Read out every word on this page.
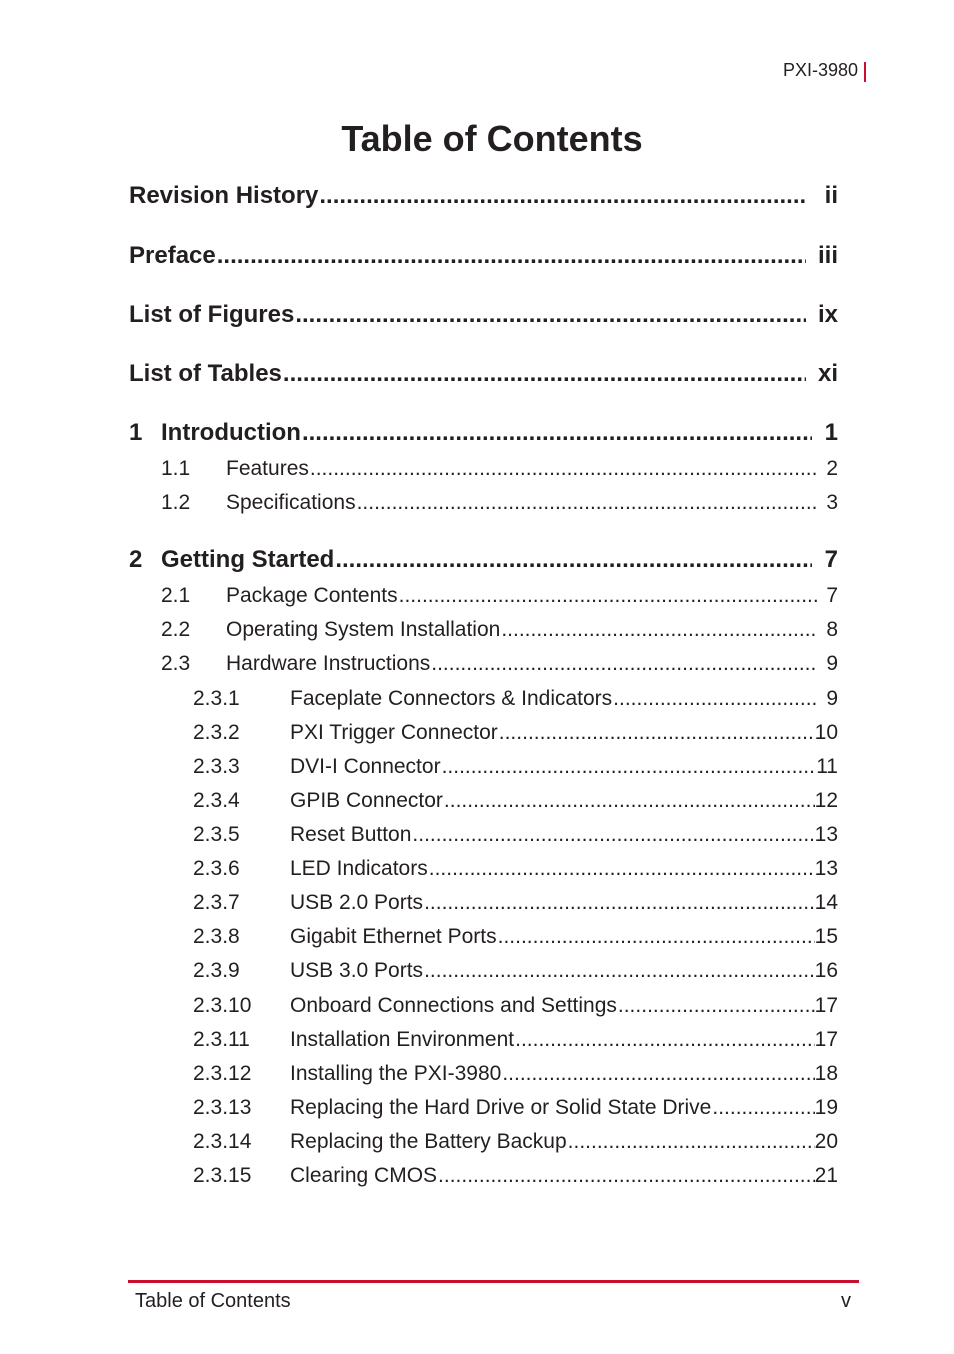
PXI-3980
Table of Contents
Revision History .....	ii
Preface .....	iii
List of Figures .....	ix
List of Tables .....	xi
1 Introduction .....	1
1.1	Features .....	2
1.2	Specifications .....	3
2 Getting Started .....	7
2.1	Package Contents .....	7
2.2	Operating System Installation .....	8
2.3	Hardware Instructions .....	9
2.3.1	Faceplate Connectors & Indicators .....	9
2.3.2	PXI Trigger Connector .....	10
2.3.3	DVI-I Connector .....	11
2.3.4	GPIB Connector .....	12
2.3.5	Reset Button .....	13
2.3.6	LED Indicators .....	13
2.3.7	USB 2.0 Ports .....	14
2.3.8	Gigabit Ethernet Ports .....	15
2.3.9	USB 3.0 Ports .....	16
2.3.10	Onboard Connections and Settings .....	17
2.3.11	Installation Environment .....	17
2.3.12	Installing the PXI-3980 .....	18
2.3.13	Replacing the Hard Drive or Solid State Drive .....	19
2.3.14	Replacing the Battery Backup .....	20
2.3.15	Clearing CMOS .....	21
Table of Contents	v
